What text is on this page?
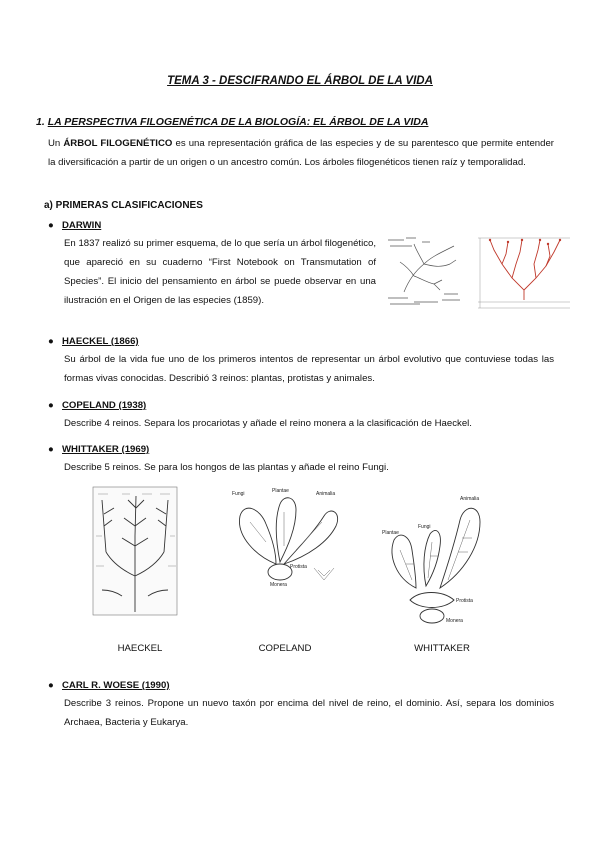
TEMA 3 - DESCIFRANDO EL ÁRBOL DE LA VIDA
1. LA PERSPECTIVA FILOGENÉTICA DE LA BIOLOGÍA: EL ÁRBOL DE LA VIDA
Un ÁRBOL FILOGENÉTICO es una representación gráfica de las especies y de su parentesco que permite entender la diversificación a partir de un origen o un ancestro común. Los árboles filogenéticos tienen raíz y temporalidad.
a) PRIMERAS CLASIFICACIONES
● DARWIN
En 1837 realizó su primer esquema, de lo que sería un árbol filogenético, que apareció en su cuaderno “First Notebook on Transmutation of Species”. El inicio del pensamiento en árbol se puede observar en una ilustración en el Origen de las especies (1859).
● HAECKEL (1866)
Su árbol de la vida fue uno de los primeros intentos de representar un árbol evolutivo que contuviese todas las formas vivas conocidas. Describió 3 reinos: plantas, protistas y animales.
● COPELAND (1938)
Describe 4 reinos. Separa los procariotas y añade el reino monera a la clasificación de Haeckel.
● WHITTAKER (1969)
Describe 5 reinos. Se para los hongos de las plantas y añade el reino Fungi.
Fungi	Plantae	Animalia
Protista
Monera
Plantae
Fungi
Animalia
Protista
Monera
HAECKEL	COPELAND	WHITTAKER
● CARL R. WOESE (1990)
Describe 3 reinos. Propone un nuevo taxón por encima del nivel de reino, el dominio. Así, separa los dominios Archaea, Bacteria y Eukarya.
